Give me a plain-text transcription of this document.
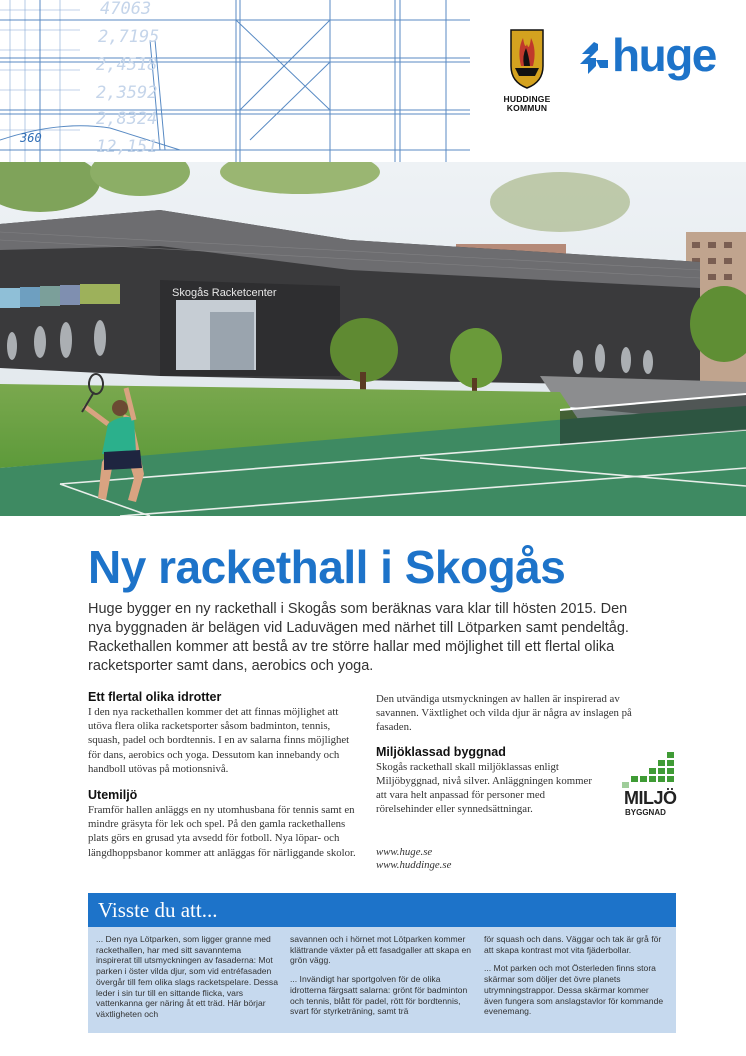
47063
2,7195
2,4518
2,3592
2,8324
12,151
360
HUDDINGE
KOMMUN
huge
Skogås Racketcenter
Ny rackethall i Skogås

Huge bygger en ny rackethall i Skogås som beräknas vara klar till hösten 2015. Den nya byggnaden är belägen vid Laduvägen med närhet till Lötparken samt pendeltåg. Rackethallen kommer att bestå av tre större hallar med möjlighet till ett flertal olika racketsporter samt dans, aerobics och yoga.

Ett flertal olika idrotter

I den nya rackethallen kommer det att finnas möjlighet att utöva flera olika racketsporter såsom badminton, tennis, squash, padel och bordtennis. I en av salarna finns möjlighet för dans, aerobics och yoga. Dessutom kan innebandy och handboll utövas på motionsnivå.

Utemiljö

Framför hallen anläggs en ny utomhusbana för tennis samt en mindre gräsyta för lek och spel. På den gamla rackethallens plats görs en grusad yta avsedd för fotboll. Nya löpar- och längdhoppsbanor kommer att anläggas för närliggande skolor.

Den utvändiga utsmyckningen av hallen är inspirerad av savannen. Växtlighet och vilda djur är några av inslagen på fasaden.

Miljöklassad byggnad

Skogås rackethall skall miljöklassas enligt Miljöbyggnad, nivå silver. Anläggningen kommer att vara helt anpassad för personer med rörelsehinder eller synnedsättningar.

MILJÖ
BYGGNAD
www.huge.se
www.huddinge.se
Visste du att...

... Den nya Lötparken, som ligger granne med rackethallen, har med sitt savanntema inspirerat till utsmyckningen av fasaderna: Mot parken i öster vilda djur, som vid entréfasaden övergår till fem olika slags racketspelare. Dessa leder i sin tur till en sittande flicka, vars vattenkanna ger näring åt ett träd. Här börjar växtligheten och

savannen och i hörnet mot Lötparken kommer klättrande växter på ett fasadgaller att skapa en grön vägg.

... Invändigt har sportgolven för de olika idrotterna färgsatt salarna: grönt för badminton och tennis, blått för padel, rött för bordtennis, svart för styrketräning, samt trä

för squash och dans. Väggar och tak är grå för att skapa kontrast mot vita fjäderbollar.

... Mot parken och mot Österleden finns stora skärmar som döljer det övre planets utrymningstrappor. Dessa skärmar kommer även fungera som anslagstavlor för kommande evenemang.
